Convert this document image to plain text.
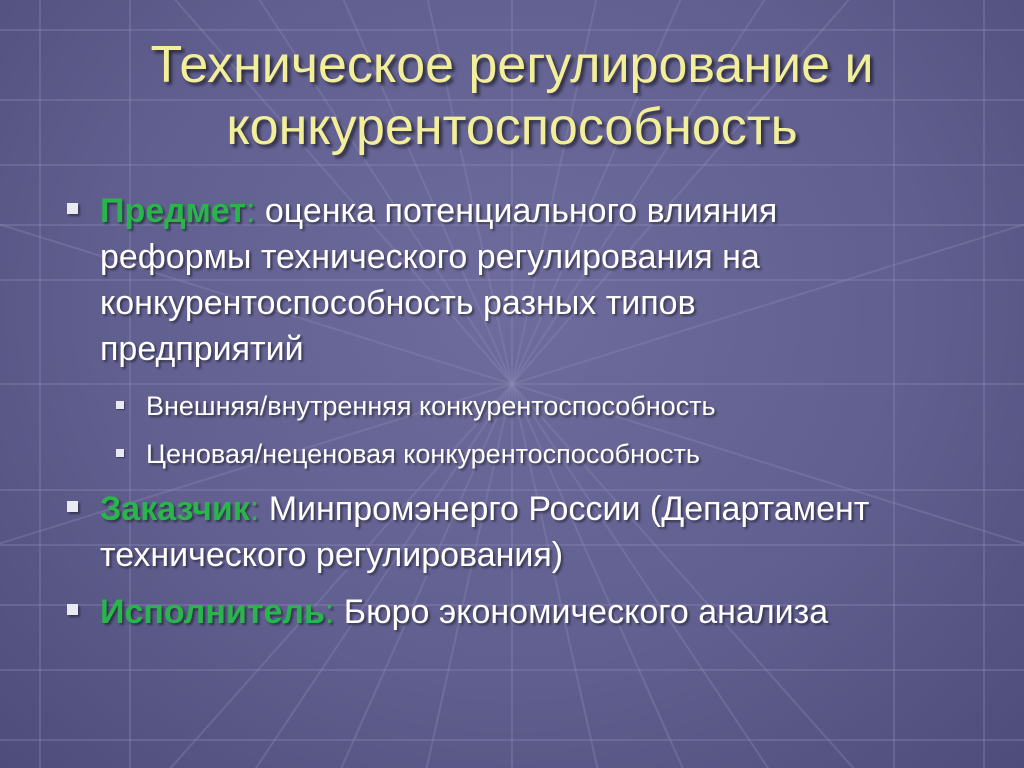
Техническое регулирование и
конкурентоспособность
Предмет: оценка потенциального влияния реформы технического регулирования на конкурентоспособность разных типов предприятий
Внешняя/внутренняя конкурентоспособность
Ценовая/неценовая конкурентоспособность
Заказчик: Минпромэнерго России (Департамент технического регулирования)
Исполнитель: Бюро экономического анализа
